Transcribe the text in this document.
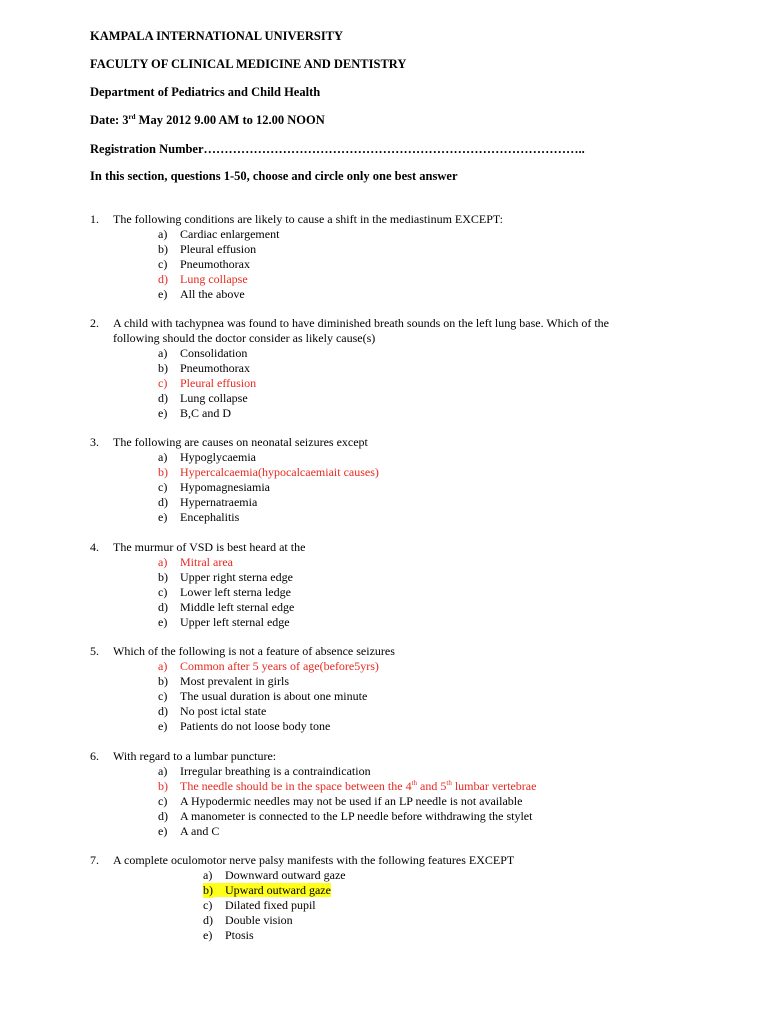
KAMPALA INTERNATIONAL UNIVERSITY
FACULTY OF CLINICAL MEDICINE AND DENTISTRY
Department of Pediatrics and Child Health
Date: 3rd May 2012 9.00 AM to 12.00 NOON
Registration Number………………………………………………………………………………..
In this section, questions 1-50, choose and circle only one best answer
1. The following conditions are likely to cause a shift in the mediastinum EXCEPT:
a) Cardiac enlargement
b) Pleural effusion
c) Pneumothorax
d) Lung collapse
e) All the above
2. A child with tachypnea was found to have diminished breath sounds on the left lung base. Which of the following should the doctor consider as likely cause(s)
a) Consolidation
b) Pneumothorax
c) Pleural effusion
d) Lung collapse
e) B,C and D
3. The following are causes on neonatal seizures except
a) Hypoglycaemia
b) Hypercalcaemia(hypocalcaemiait causes)
c) Hypomagnesiamia
d) Hypernatraemia
e) Encephalitis
4. The murmur of VSD is best heard at the
a) Mitral area
b) Upper right sterna edge
c) Lower left sterna ledge
d) Middle left sternal edge
e) Upper left sternal edge
5. Which of the following is not a feature of absence seizures
a) Common after 5 years of age(before5yrs)
b) Most prevalent in girls
c) The usual duration is about one minute
d) No post ictal state
e) Patients do not loose body tone
6. With regard to a lumbar puncture:
a) Irregular breathing is a contraindication
b) The needle should be in the space between the 4th and 5th lumbar vertebrae
c) A Hypodermic needles may not be used if an LP needle is not available
d) A manometer is connected to the LP needle before withdrawing the stylet
e) A and C
7. A complete oculomotor nerve palsy manifests with the following features EXCEPT
a) Downward outward gaze
b) Upward outward gaze
c) Dilated fixed pupil
d) Double vision
e) Ptosis
